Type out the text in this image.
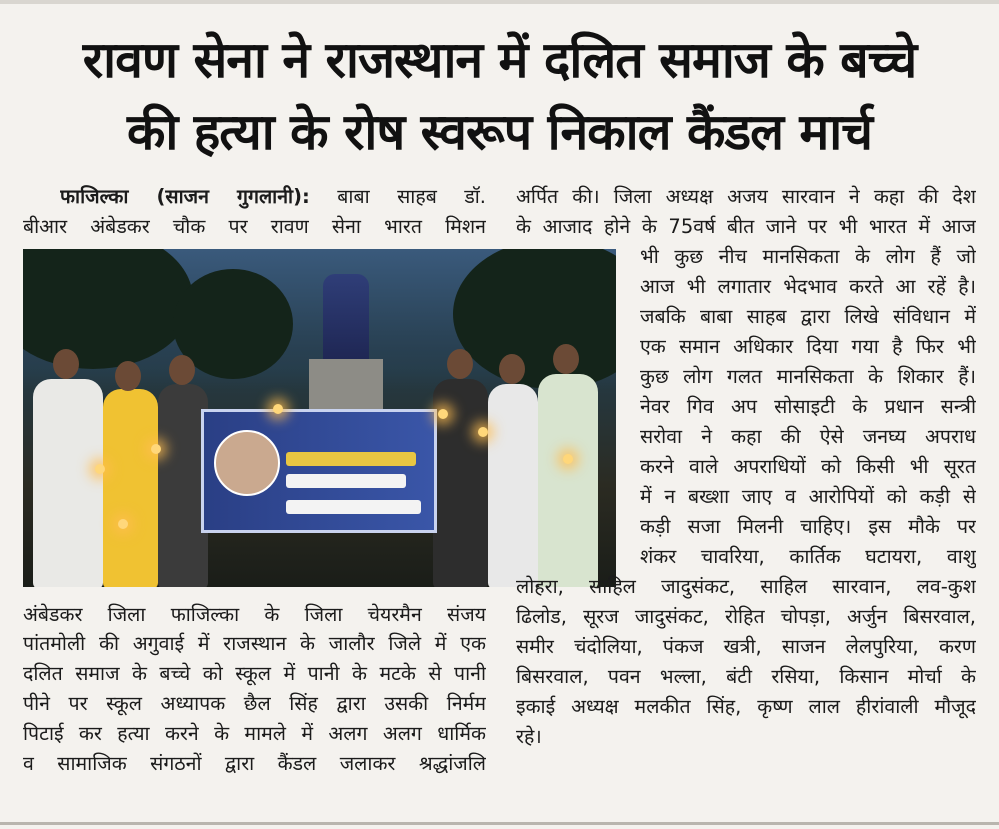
रावण सेना ने राजस्थान में दलित समाज के बच्चे
की हत्या के रोष स्वरूप निकाल कैंडल मार्च
फाजिल्का (साजन गुगलानी): बाबा साहब डॉ.
बीआर अंबेडकर चौक पर रावण सेना भारत मिशन
अंबेडकर जिला फाजिल्का के जिला चेयरमैन संजय
पांतमोली की अगुवाई में राजस्थान के जालौर जिले में एक
दलित समाज के बच्चे को स्कूल में पानी के मटके से पानी
पीने पर स्कूल अध्यापक छैल सिंह द्वारा उसकी निर्मम
पिटाई कर हत्या करने के मामले में अलग अलग धार्मिक
व सामाजिक संगठनों द्वारा कैंडल जलाकर श्रद्धांजलि
अर्पित की। जिला अध्यक्ष अजय सारवान ने कहा की देश
के आजाद होने के 75वर्ष बीत जाने पर भी भारत में आज
भी कुछ नीच मानसिकता के लोग हैं जो
आज भी लगातार भेदभाव करते आ रहें है।
जबकि बाबा साहब द्वारा लिखे संविधान में
एक समान अधिकार दिया गया है फिर भी
कुछ लोग गलत मानसिकता के शिकार हैं।
नेवर गिव अप सोसाइटी के प्रधान सन्त्री
सरोवा ने कहा की ऐसे जनघ्य अपराध
करने वाले अपराधियों को किसी भी सूरत
में न बख्शा जाए व आरोपियों को कड़ी से
कड़ी सजा मिलनी चाहिए। इस मौके पर
शंकर चावरिया, कार्तिक घटायरा, वाशु
लोहरा, साहिल जादुसंकट, साहिल सारवान, लव-कुश
ढिलोड, सूरज जादुसंकट, रोहित चोपड़ा, अर्जुन बिसरवाल,
समीर चंदोलिया, पंकज खत्री, साजन लेलपुरिया, करण
बिसरवाल, पवन भल्ला, बंटी रसिया, किसान मोर्चा के
इकाई अध्यक्ष मलकीत सिंह, कृष्ण लाल हीरांवाली मौजूद
रहे।
